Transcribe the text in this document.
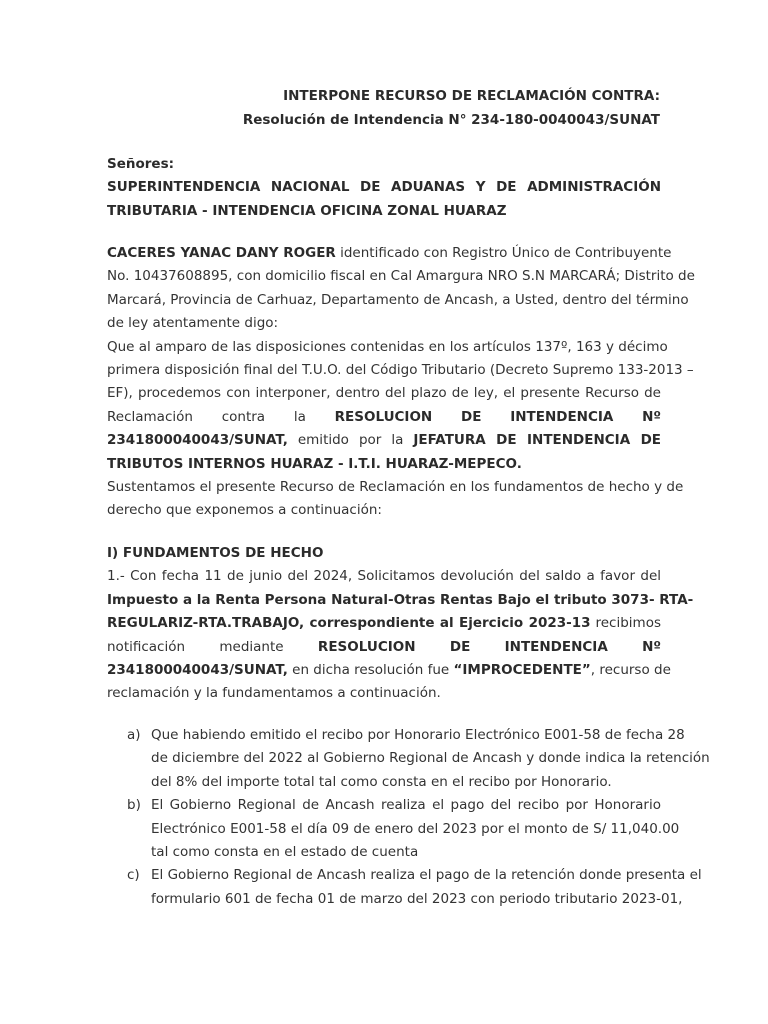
INTERPONE RECURSO DE RECLAMACIÓN CONTRA:
Resolución de Intendencia N° 234-180-0040043/SUNAT
Señores:
SUPERINTENDENCIA NACIONAL DE ADUANAS Y DE ADMINISTRACIÓN
TRIBUTARIA - INTENDENCIA OFICINA ZONAL HUARAZ
CACERES YANAC DANY ROGER identificado con Registro Único de Contribuyente
No. 10437608895, con domicilio fiscal en Cal Amargura NRO S.N MARCARÁ; Distrito de
Marcará, Provincia de Carhuaz, Departamento de Ancash, a Usted, dentro del término
de ley atentamente digo:
Que al amparo de las disposiciones contenidas en los artículos 137º, 163 y décimo
primera disposición final del T.U.O. del Código Tributario (Decreto Supremo 133-2013 –
EF), procedemos con interponer, dentro del plazo de ley, el presente Recurso de
Reclamación contra la RESOLUCION DE INTENDENCIA Nº
2341800040043/SUNAT, emitido por la JEFATURA DE INTENDENCIA DE
TRIBUTOS INTERNOS HUARAZ - I.T.I. HUARAZ-MEPECO.
Sustentamos el presente Recurso de Reclamación en los fundamentos de hecho y de
derecho que exponemos a continuación:
I) FUNDAMENTOS DE HECHO
1.- Con fecha 11 de junio del 2024, Solicitamos devolución del saldo a favor del
Impuesto a la Renta Persona Natural-Otras Rentas Bajo el tributo 3073- RTA-
REGULARIZ-RTA.TRABAJO, correspondiente al Ejercicio 2023-13 recibimos
notificación	mediante	RESOLUCION	DE	INTENDENCIA	Nº
2341800040043/SUNAT, en dicha resolución fue “IMPROCEDENTE”, recurso de
reclamación y la fundamentamos a continuación.
a) Que habiendo emitido el recibo por Honorario Electrónico E001-58 de fecha 28
de diciembre del 2022 al Gobierno Regional de Ancash y donde indica la retención
del 8% del importe total tal como consta en el recibo por Honorario.
b) El Gobierno Regional de Ancash realiza el pago del recibo por Honorario
Electrónico E001-58 el día 09 de enero del 2023 por el monto de S/ 11,040.00
tal como consta en el estado de cuenta
c) El Gobierno Regional de Ancash realiza el pago de la retención donde presenta el
formulario 601 de fecha 01 de marzo del 2023 con periodo tributario 2023-01,
